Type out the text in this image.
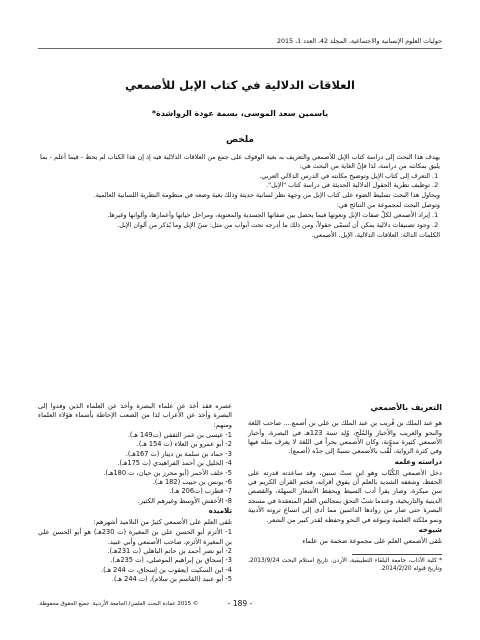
حوليات العلوم الإنسانية والاجتماعية، المجلّد 42، العدد 1، 2015
العلاقات الدلالية في كتاب الإبل للأصمعي
ياسمين سعد الموسى، بسمة عودة الرواشدة*
ملخص

يهدف هذا البحث إلى دراسة كتاب الإبل للأصمعي والتعريف به بغية الوقوف على جمع من العلاقات الدلالية فيه إذ إن هذا الكتاب لم يحظ - فيما أعلم - بما يليق بمكانته من دراسة، لذا فإنّ الغاية من البحث هي:

1. التعرف إلى كتاب الإبل وتوضيح مكانته في الدرس الدلالي العربي.
2. توظيف نظرية الحقول الدلالية الحديثة في دراسة كتاب "الإبل".

ويحاول هذا البحث تسليط الضوء على كتاب الإبل من وجهة نظر لسانية حديثة وذلك بغية وضعه في منظومة النظرية اللسانية العالمية.

وتوصل البحث لمجموعة من النتائج هي:

1. إيراد الأصمعي لكلّ صفات الإبل ونعوتها فيما يحصل بين صفاتها الجسدية والمعنوية، ومراحل حياتها وأعمارها، وألوانها وغيرها.
2. وجود تصنيفات دلالية يمكن أن تُسمّى حقولاً، ومن ذلك ما أدرجه تحت أبواب من مثل: سنّ الإبل وما يُذكر من ألوان الإبل.

الكلمات الدالة: العلاقات الدلالية، الإبل، الأصمعي.

التعريف بالأصمعي

هو عبد الملك بن قُريب بن عبد الملك بن علي بن أصمع.... صاحب اللغة والنحو والغريب والأخبار والمُلَح، وُلِد سنة 123هـ في البصرة، وأخبار الأصمعي كثيرة مدوّنة، وكان الأصمعي بحراً في اللغة لا يعرف مثله فيها وفي كثرة الرواية، لُقّب بالأصمعي نسبةً إلى جدّه (أصمع).

دراسته وعلمه

دخل الأصمعي الكُتّاب وهو ابن ستّ سنين، وقد ساعدته قدرته على الحفظ، وشغفه الشديد بالعلم أن يفوق أقرانه، فختم القرآن الكريم في سن مبكرة، وصار يقرأ أدب السيط ويحفظ الأشعار السهلة، والقصص الدينية والتاريخية، وعندما شبّ التحق بمجالس العلم المنعقدة في مسجد البصرة حتى صار من روادها الدائمين مما أدى إلى اتساع ثروته الأدبية ونمو ملكته العلمية ونبوغه في النحو وحفظه لقدر كبير من الشعر.

شيوخه

تلقى الأصمعي العلم على مجموعة ضخمة من علماء

* كلية الآداب، جامعة البلقاء التطبيقية، الأردن. تاريخ استلام البحث 2013/9/24، وتاريخ قبوله 2014/2/20.

عصره فقد أخذ عن علماء البصرة وأخذ عن العلماء الذين وفدوا إلى البصرة وأخذ عن الأعراب لذا من الصعب الإحاطة بأسماء هؤلاء العلماء ومنهم:

1- عيسى بن عمر الثقفي (ت149 هـ).
2- أبو عمرو بن العلاء (ت 154 هـ).
3- حماد بن سلمة بن دينار (ت 167هـ).
4- الخليل بن أحمد الفراهيدي (ت 175هـ).
5- خلف الأحمر (أبو محرز بن حيان، ت 180هـ).
6- يونس بن حبيب (182 هـ).
7- قطرب (ت206 هـ).
8- الأخفش الأوسط وغيرهم الكثير.
تلاميذه

تلقى العلم على الأصمعي كثيرٌ من التلاميذ أشهرهم:

1- الأثرم أبو الحسن علي بن المغيرة (ت 230هـ) هو أبو الحسن علي بن المغيرة الأثرم، صاحب الأصمعي وأبي عبيد.
2- أبو نصر أحمد بن حاتم الباهلي (ت 231هـ).
3- إسحاق بن إبراهيم الموصلي، (ت 235هـ).
4- ابن السكيت (يعقوب بن إسحاق، ت 244 هـ).
5- أبو عبيد (القاسم بن سلام)، (ت 244 هـ).
- 189 -
© 2015 عمادة البحث العلمي/ الجامعة الأردنية. جميع الحقوق محفوظة.
